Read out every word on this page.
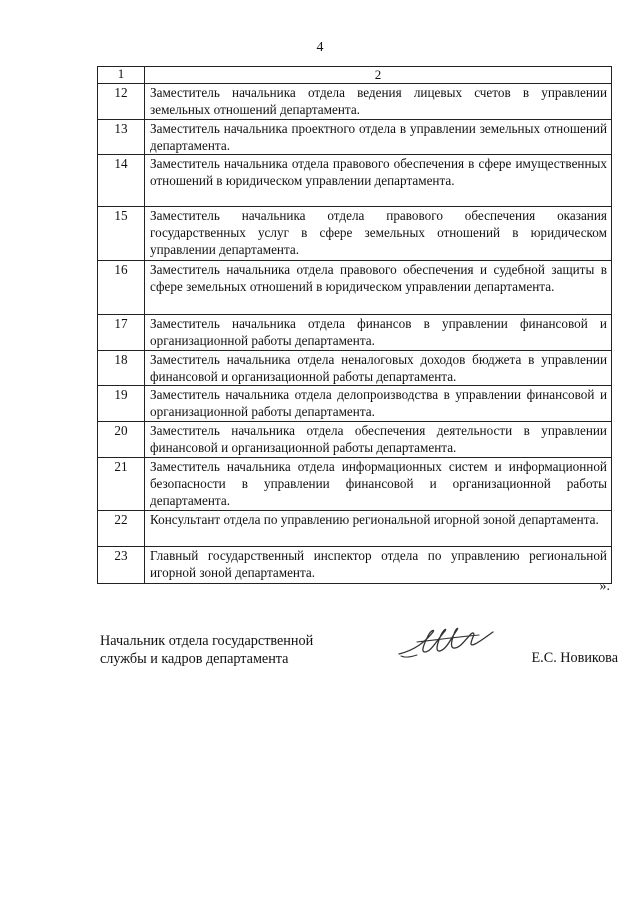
4
1	2
12	Заместитель начальника отдела ведения лицевых счетов в управлении земельных отношений департамента.
13	Заместитель начальника проектного отдела в управлении земельных отношений департамента.
14	Заместитель начальника отдела правового обеспечения в сфере имущественных отношений в юридическом управлении департамента.
15	Заместитель начальника отдела правового обеспечения оказания государственных услуг в сфере земельных отношений в юридическом управлении департамента.
16	Заместитель начальника отдела правового обеспечения и судебной защиты в сфере земельных отношений в юридическом управлении департамента.
17	Заместитель начальника отдела финансов в управлении финансовой и организационной работы департамента.
18	Заместитель начальника отдела неналоговых доходов бюджета в управлении финансовой и организационной работы департамента.
19	Заместитель начальника отдела делопроизводства в управлении финансовой и организационной работы департамента.
20	Заместитель начальника отдела обеспечения деятельности в управлении финансовой и организационной работы департамента.
21	Заместитель начальника отдела информационных систем и информационной безопасности в управлении финансовой и организационной работы департамента.
22	Консультант отдела по управлению региональной игорной зоной департамента.
23	Главный государственный инспектор отдела по управлению региональной игорной зоной департамента.
».
Начальник отдела государственной
службы и кадров департамента	Е.С. Новикова
